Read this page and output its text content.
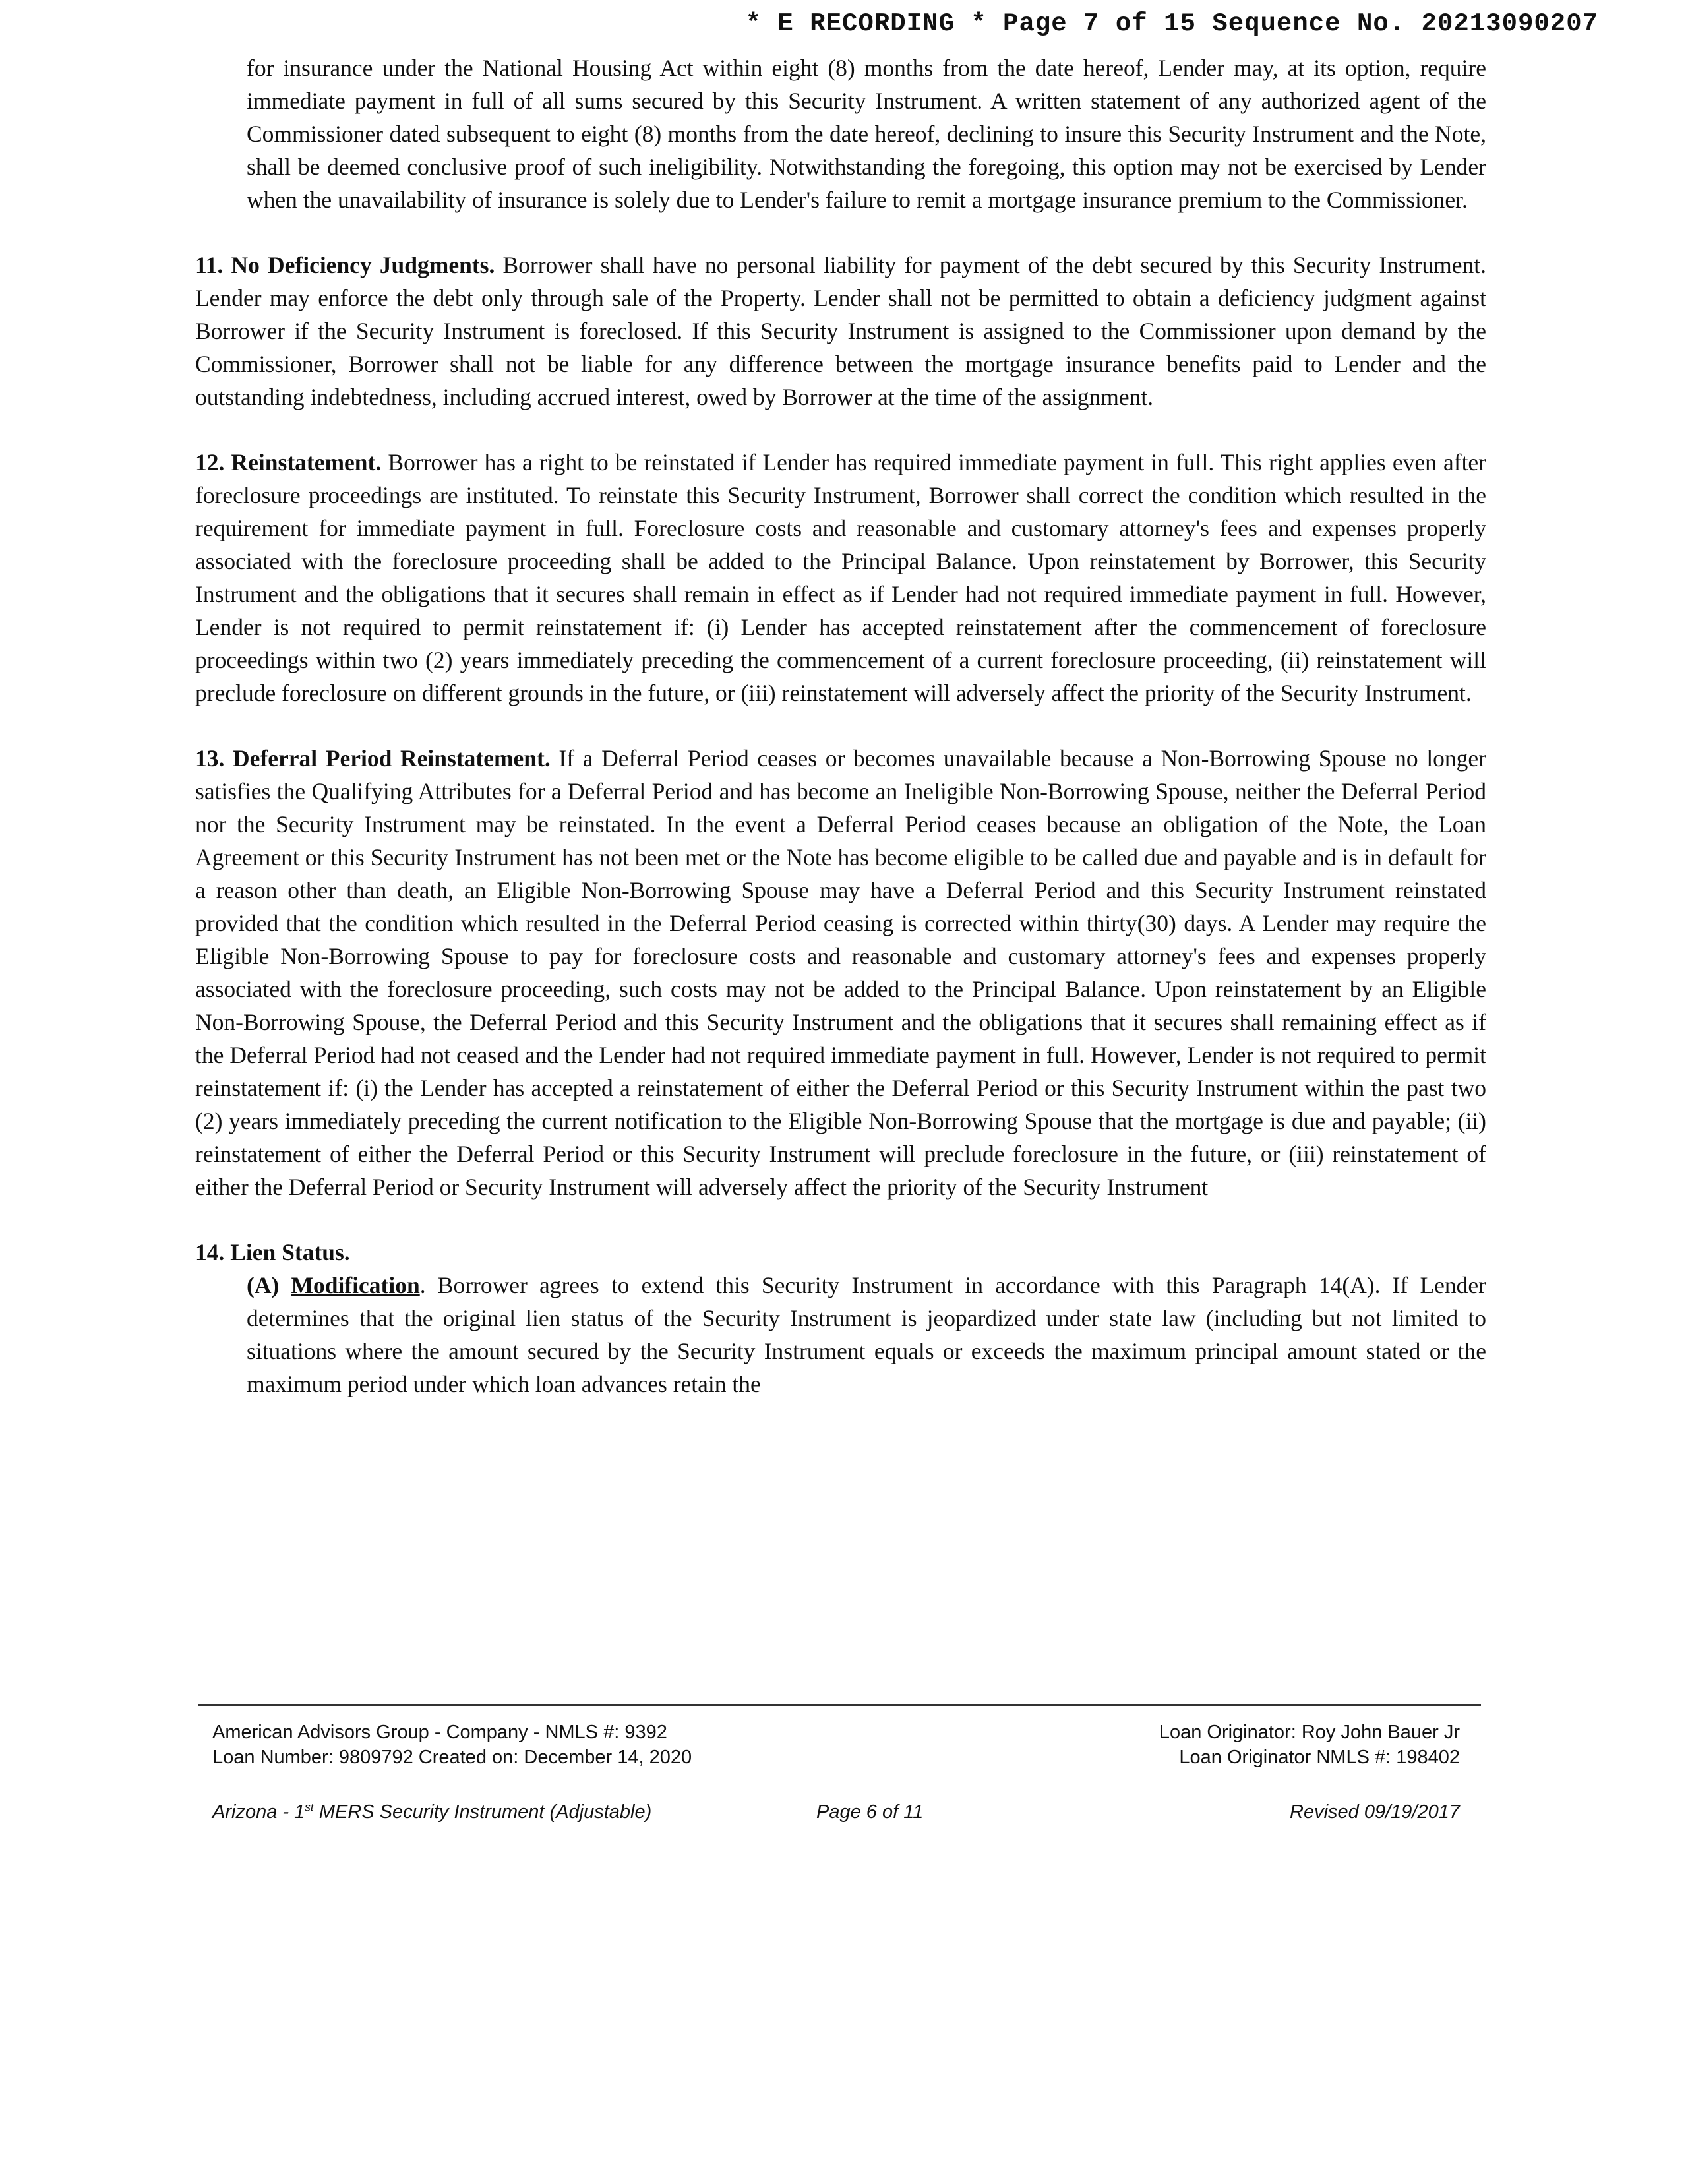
* E RECORDING * Page 7 of 15 Sequence No. 20213090207

for insurance under the National Housing Act within eight (8) months from the date hereof, Lender may, at its option, require immediate payment in full of all sums secured by this Security Instrument. A written statement of any authorized agent of the Commissioner dated subsequent to eight (8) months from the date hereof, declining to insure this Security Instrument and the Note, shall be deemed conclusive proof of such ineligibility. Notwithstanding the foregoing, this option may not be exercised by Lender when the unavailability of insurance is solely due to Lender's failure to remit a mortgage insurance premium to the Commissioner.

11. No Deficiency Judgments. Borrower shall have no personal liability for payment of the debt secured by this Security Instrument. Lender may enforce the debt only through sale of the Property. Lender shall not be permitted to obtain a deficiency judgment against Borrower if the Security Instrument is foreclosed. If this Security Instrument is assigned to the Commissioner upon demand by the Commissioner, Borrower shall not be liable for any difference between the mortgage insurance benefits paid to Lender and the outstanding indebtedness, including accrued interest, owed by Borrower at the time of the assignment.

12. Reinstatement. Borrower has a right to be reinstated if Lender has required immediate payment in full. This right applies even after foreclosure proceedings are instituted. To reinstate this Security Instrument, Borrower shall correct the condition which resulted in the requirement for immediate payment in full. Foreclosure costs and reasonable and customary attorney's fees and expenses properly associated with the foreclosure proceeding shall be added to the Principal Balance. Upon reinstatement by Borrower, this Security Instrument and the obligations that it secures shall remain in effect as if Lender had not required immediate payment in full. However, Lender is not required to permit reinstatement if: (i) Lender has accepted reinstatement after the commencement of foreclosure proceedings within two (2) years immediately preceding the commencement of a current foreclosure proceeding, (ii) reinstatement will preclude foreclosure on different grounds in the future, or (iii) reinstatement will adversely affect the priority of the Security Instrument.

13. Deferral Period Reinstatement. If a Deferral Period ceases or becomes unavailable because a Non-Borrowing Spouse no longer satisfies the Qualifying Attributes for a Deferral Period and has become an Ineligible Non-Borrowing Spouse, neither the Deferral Period nor the Security Instrument may be reinstated. In the event a Deferral Period ceases because an obligation of the Note, the Loan Agreement or this Security Instrument has not been met or the Note has become eligible to be called due and payable and is in default for a reason other than death, an Eligible Non-Borrowing Spouse may have a Deferral Period and this Security Instrument reinstated provided that the condition which resulted in the Deferral Period ceasing is corrected within thirty(30) days. A Lender may require the Eligible Non-Borrowing Spouse to pay for foreclosure costs and reasonable and customary attorney's fees and expenses properly associated with the foreclosure proceeding, such costs may not be added to the Principal Balance. Upon reinstatement by an Eligible Non-Borrowing Spouse, the Deferral Period and this Security Instrument and the obligations that it secures shall remaining effect as if the Deferral Period had not ceased and the Lender had not required immediate payment in full. However, Lender is not required to permit reinstatement if: (i) the Lender has accepted a reinstatement of either the Deferral Period or this Security Instrument within the past two (2) years immediately preceding the current notification to the Eligible Non-Borrowing Spouse that the mortgage is due and payable; (ii) reinstatement of either the Deferral Period or this Security Instrument will preclude foreclosure in the future, or (iii) reinstatement of either the Deferral Period or Security Instrument will adversely affect the priority of the Security Instrument

14. Lien Status.

(A) Modification. Borrower agrees to extend this Security Instrument in accordance with this Paragraph 14(A). If Lender determines that the original lien status of the Security Instrument is jeopardized under state law (including but not limited to situations where the amount secured by the Security Instrument equals or exceeds the maximum principal amount stated or the maximum period under which loan advances retain the

American Advisors Group - Company - NMLS #: 9392
Loan Number: 9809792 Created on: December 14, 2020
Loan Originator: Roy John Bauer Jr
Loan Originator NMLS #: 198402
Arizona - 1st MERS Security Instrument (Adjustable)	Page 6 of 11	Revised 09/19/2017
